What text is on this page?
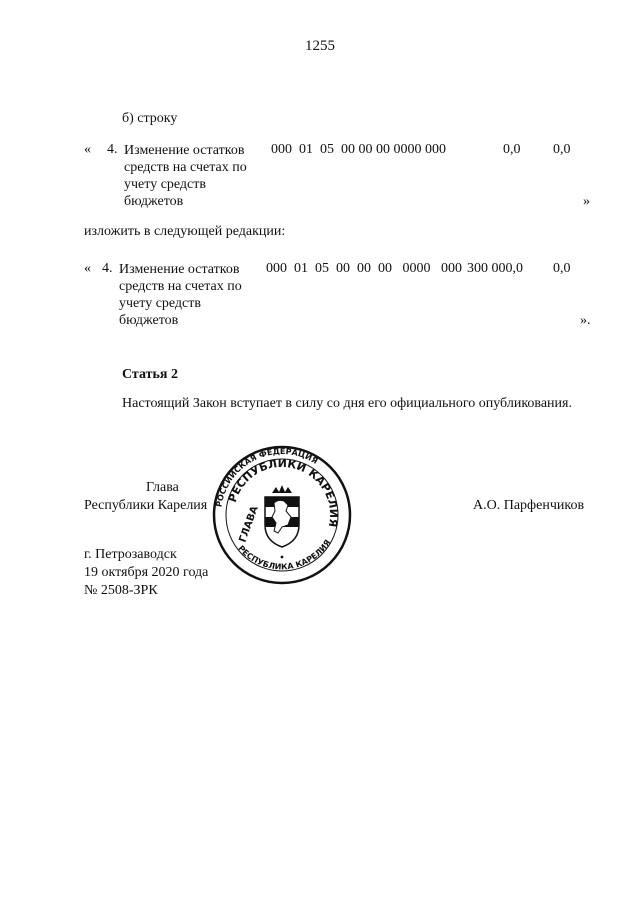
1255
б) строку
« 4. Изменение остатков
средств на счетах по
учету средств
бюджетов
000  01  05  00 00 00 0000 000	0,0 0,0
»
изложить в следующей редакции:
« 4. Изменение остатков
средств на счетах по
учету средств
бюджетов
000  01  05  00  00  00   0000   000 300 000,0 0,0
».
Статья 2
Настоящий Закон вступает в силу со дня его официального опубликования.
Глава
Республики Карелия	А.О. Парфенчиков
РОССИЙСКАЯ ФЕДЕРАЦИЯ
РЕСПУБЛИКИ КАРЕЛИЯ
РЕСПУБЛИКА КАРЕЛИЯ
ГЛАВА
г. Петрозаводск
19 октября 2020 года
№ 2508-ЗРК
